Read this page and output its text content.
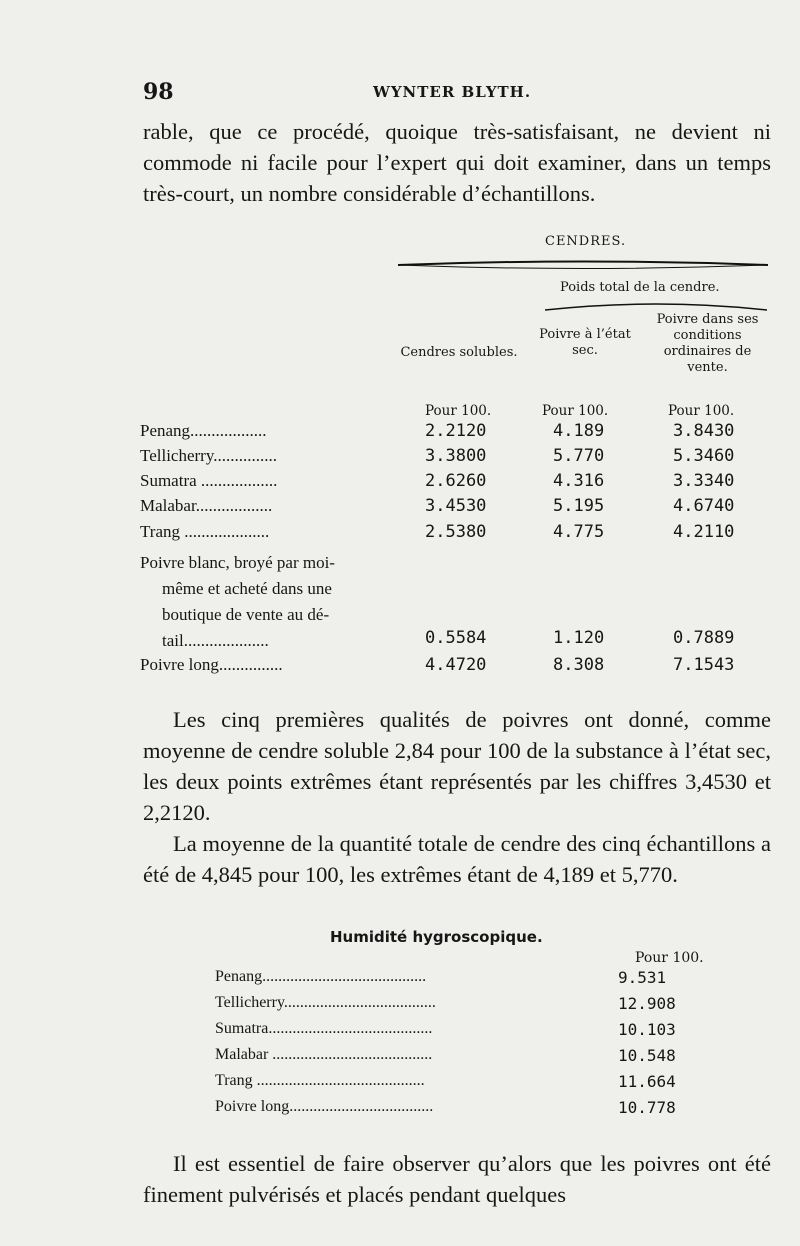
98	WYNTER BLYTH.
rable, que ce procédé, quoique très-satisfaisant, ne devient ni commode ni facile pour l’expert qui doit examiner, dans un temps très-court, un nombre considérable d’échantillons.
CENDRES.
Poids total de la cendre.
Cendres solubles.
Poivre à l’état sec.
Poivre dans ses conditions ordinaires de vente.
Pour 100.	Pour 100.	Pour 100.
Penang..................	2.2120	4.189	3.8430
Tellicherry...............	3.3800	5.770	5.3460
Sumatra ..................	2.6260	4.316	3.3340
Malabar..................	3.4530	5.195	4.6740
Trang ....................	2.5380	4.775	4.2110
Poivre blanc, broyé par moi-
même et acheté dans une
boutique de vente au dé-
tail....................	0.5584	1.120	0.7889
Poivre long...............	4.4720	8.308	7.1543
Les cinq premières qualités de poivres ont donné, comme moyenne de cendre soluble 2,84 pour 100 de la substance à l’état sec, les deux points extrêmes étant représentés par les chiffres 3,4530 et 2,2120.
La moyenne de la quantité totale de cendre des cinq échantillons a été de 4,845 pour 100, les extrêmes étant de 4,189 et 5,770.
Humidité hygroscopique.
Pour 100.
Penang.........................................	9.531
Tellicherry......................................	12.908
Sumatra.........................................	10.103
Malabar ........................................	10.548
Trang ..........................................	11.664
Poivre long....................................	10.778
Il est essentiel de faire observer qu’alors que les poivres ont été finement pulvérisés et placés pendant quelques
